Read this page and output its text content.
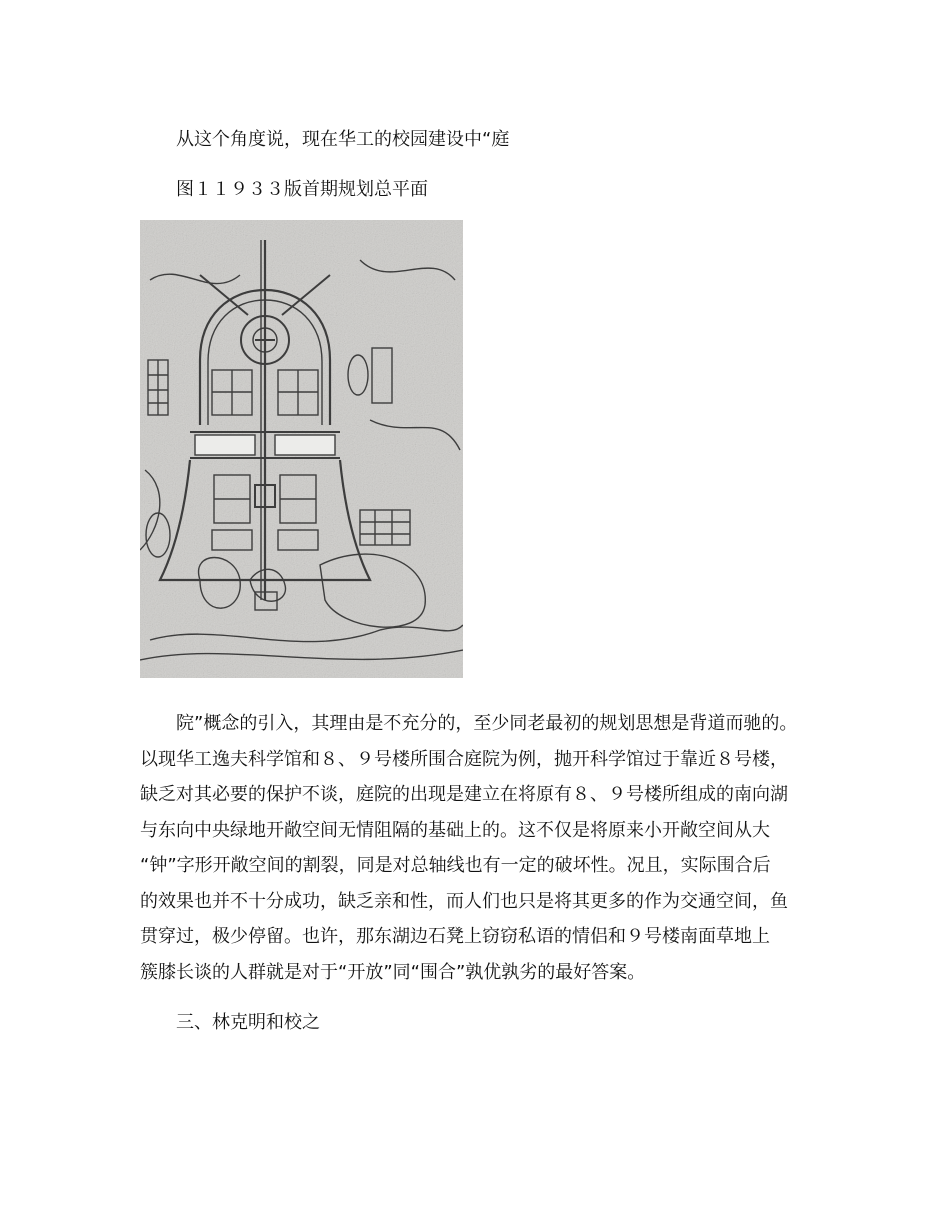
从这个角度说，现在华工的校园建设中“庭

图１１９３３版首期规划总平面

院”概念的引入，其理由是不充分的，至少同老最初的规划思想是背道而驰的。
以现华工逸夫科学馆和８、９号楼所围合庭院为例，抛开科学馆过于靠近８号楼，
缺乏对其必要的保护不谈，庭院的出现是建立在将原有８、９号楼所组成的南向湖
与东向中央绿地开敞空间无情阻隔的基础上的。这不仅是将原来小开敞空间从大
“钟”字形开敞空间的割裂，同是对总轴线也有一定的破坏性。况且，实际围合后
的效果也并不十分成功，缺乏亲和性，而人们也只是将其更多的作为交通空间，鱼
贯穿过，极少停留。也许，那东湖边石凳上窃窃私语的情侣和９号楼南面草地上
簇膝长谈的人群就是对于“开放”同“围合”孰优孰劣的最好答案。

三、林克明和校之
